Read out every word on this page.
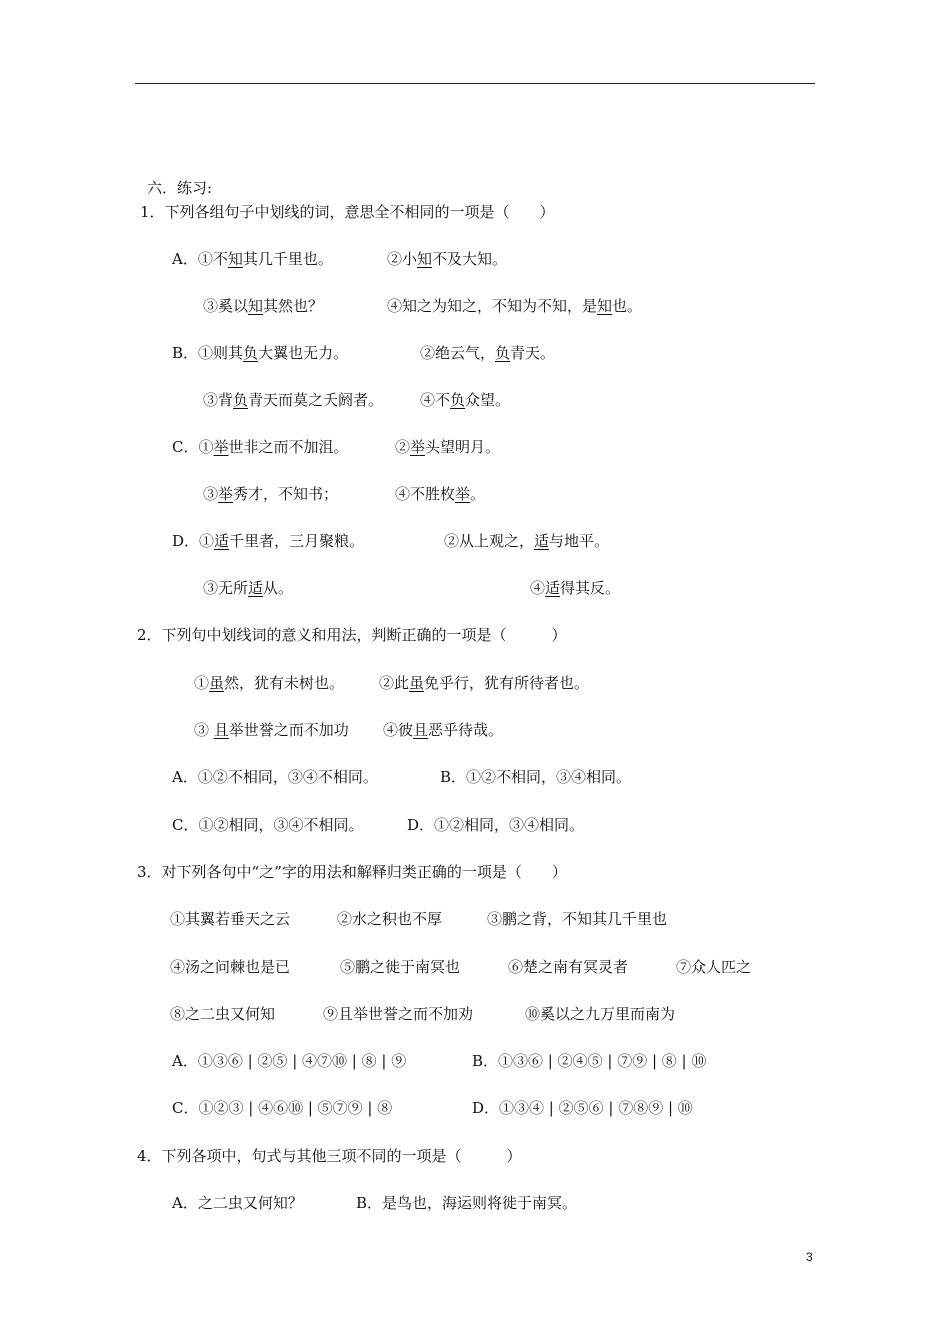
六．练习:
1．下列各组句子中划线的词，意思全不相同的一项是（　　）
A．①不知其几千里也。	②小知不及大知。
③奚以知其然也？	④知之为知之，不知为不知，是知也。
B．①则其负大翼也无力。	②绝云气，负青天。
③背负青天而莫之夭阏者。 ④不负众望。
C．①举世非之而不加沮。	②举头望明月。
③举秀才，不知书；	④不胜枚举。
D．①适千里者，三月聚粮。	②从上观之，适与地平。
③无所适从。	④适得其反。
2．下列句中划线词的意义和用法，判断正确的一项是（　　　）
①虽然，犹有未树也。 ②此虽免乎行，犹有所待者也。
③ 且举世誉之而不加功 ④彼且恶乎待哉。
A．①②不相同，③④不相同。	B．①②不相同，③④相同。
C．①②相同，③④不相同。	D．①②相同，③④相同。
3．对下列各句中“之”字的用法和解释归类正确的一项是（　　）
①其翼若垂天之云	②水之积也不厚	③鹏之背，不知其几千里也
④汤之问棘也是已	⑤鹏之徙于南冥也	⑥楚之南有冥灵者	⑦众人匹之
⑧之二虫又何知	⑨且举世誉之而不加劝	⑩奚以之九万里而南为
A．①③⑥ | ②⑤ | ④⑦⑩ | ⑧ | ⑨	B．①③⑥ | ②④⑤ | ⑦⑨ | ⑧ | ⑩
C．①②③ | ④⑥⑩ | ⑤⑦⑨ | ⑧	D．①③④ | ②⑤⑥ | ⑦⑧⑨ | ⑩
4．下列各项中，句式与其他三项不同的一项是（　　　）
A．之二虫又何知？	B．是鸟也，海运则将徙于南冥。
3
